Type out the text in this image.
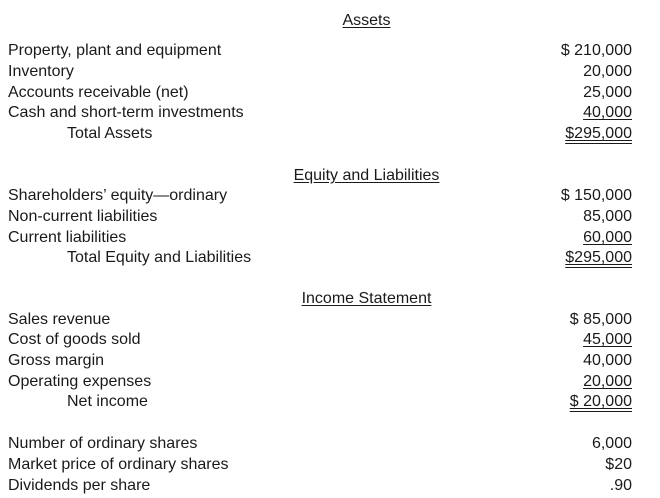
Assets
Property, plant and equipment	$ 210,000
Inventory	20,000
Accounts receivable (net)	25,000
Cash and short-term investments	40,000
Total Assets	$295,000
Equity and Liabilities
Shareholders’ equity—ordinary	$ 150,000
Non-current liabilities	85,000
Current liabilities	60,000
Total Equity and Liabilities	$295,000
Income Statement
Sales revenue	$ 85,000
Cost of goods sold	45,000
Gross margin	40,000
Operating expenses	20,000
Net income	$ 20,000
Number of ordinary shares	6,000
Market price of ordinary shares	$20
Dividends per share	.90
